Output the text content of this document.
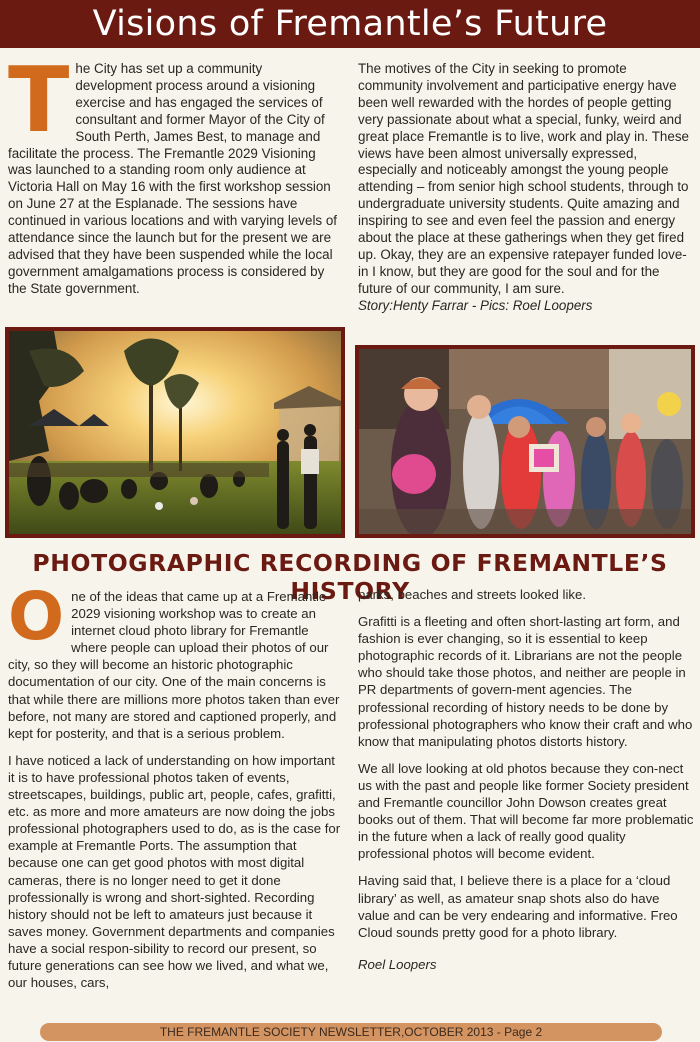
Visions of Fremantle’s Future

The City has set up a community development process around a visioning exercise and has engaged the services of consultant and former Mayor of the City of South Perth, James Best, to manage and facilitate the process. The Fremantle 2029 Visioning was launched to a standing room only audience at Victoria Hall on May 16 with the first workshop session on June 27 at the Esplanade. The sessions have continued in various locations and with varying levels of attendance since the launch but for the present we are advised that they have been suspended while the local government amalgamations process is considered by the State government.

The motives of the City in seeking to promote community involvement and participative energy have been well rewarded with the hordes of people getting very passionate about what a special, funky, weird and great place Fremantle is to live, work and play in. These views have been almost universally expressed, especially and noticeably amongst the young people attending – from senior high school students, through to undergraduate university students. Quite amazing and inspiring to see and even feel the passion and energy about the place at these gatherings when they get fired up. Okay, they are an expensive ratepayer funded love-in I know, but they are good for the soul and for the future of our community, I am sure.

Story:Henty Farrar - Pics: Roel Loopers

PHOTOGRAPHIC RECORDING OF FREMANTLE’S HISTORY

One of the ideas that came up at a Fremantle 2029 visioning workshop was to create an internet cloud photo library for Fremantle where people can upload their photos of our city, so they will become an historic photographic documentation of our city. One of the main concerns is that while there are millions more photos taken than ever before, not many are stored and captioned properly, and kept for posterity, and that is a serious problem.

I have noticed a lack of understanding on how important it is to have professional photos taken of events, streetscapes, buildings, public art, people, cafes, grafitti, etc. as more and more amateurs are now doing the jobs professional photographers used to do, as is the case for example at Fremantle Ports. The assumption that because one can get good photos with most digital cameras, there is no longer need to get it done professionally is wrong and short-sighted. Recording history should not be left to amateurs just because it saves money. Government departments and companies have a social respon-sibility to record our present, so future generations can see how we lived, and what we, our houses, cars,

parks, beaches and streets looked like.

Grafitti is a fleeting and often short-lasting art form, and fashion is ever changing, so it is essential to keep photographic records of it. Librarians are not the people who should take those photos, and neither are people in PR departments of govern-ment agencies. The professional recording of history needs to be done by professional photographers who know their craft and who know that manipulating photos distorts history.

We all love looking at old photos because they con-nect us with the past and people like former Society president and Fremantle councillor John Dowson creates great books out of them. That will become far more problematic in the future when a lack of really good quality professional photos will become evident.

Having said that, I believe there is a place for a ‘cloud library’ as well, as amateur snap shots also do have value and can be very endearing and informative. Freo Cloud sounds pretty good for a photo library.

Roel Loopers

THE FREMANTLE SOCIETY NEWSLETTER,OCTOBER 2013 - Page 2
